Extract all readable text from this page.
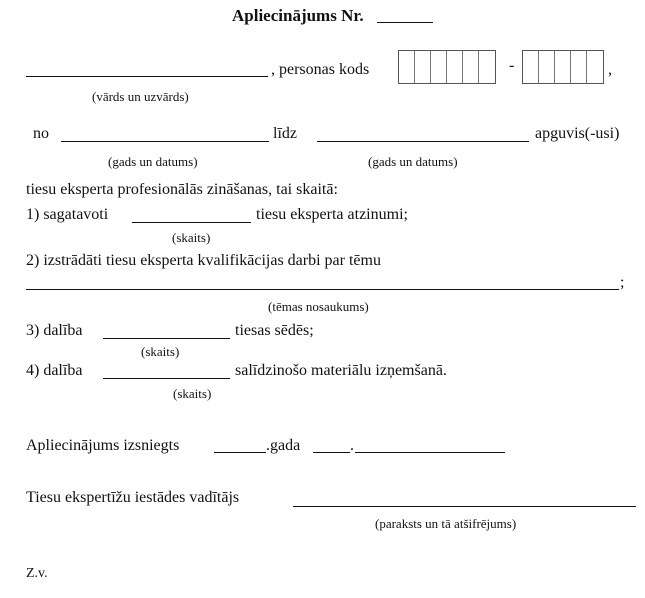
Apliecinājums Nr.
, personas kods	-	,
(vārds un uzvārds)
no	līdz	apguvis(-usi)
(gads un datums)	(gads un datums)
tiesu eksperta profesionālās zināšanas, tai skaitā:
1) sagatavoti	tiesu eksperta atzinumi;
(skaits)
2) izstrādāti tiesu eksperta kvalifikācijas darbi par tēmu
;
(tēmas nosaukums)
3) dalība	tiesas sēdēs;
(skaits)
4) dalība	salīdzinošo materiālu izņemšanā.
(skaits)
Apliecinājums izsniegts	.gada	.
Tiesu ekspertīžu iestādes vadītājs
(paraksts un tā atšifrējums)
Z.v.
